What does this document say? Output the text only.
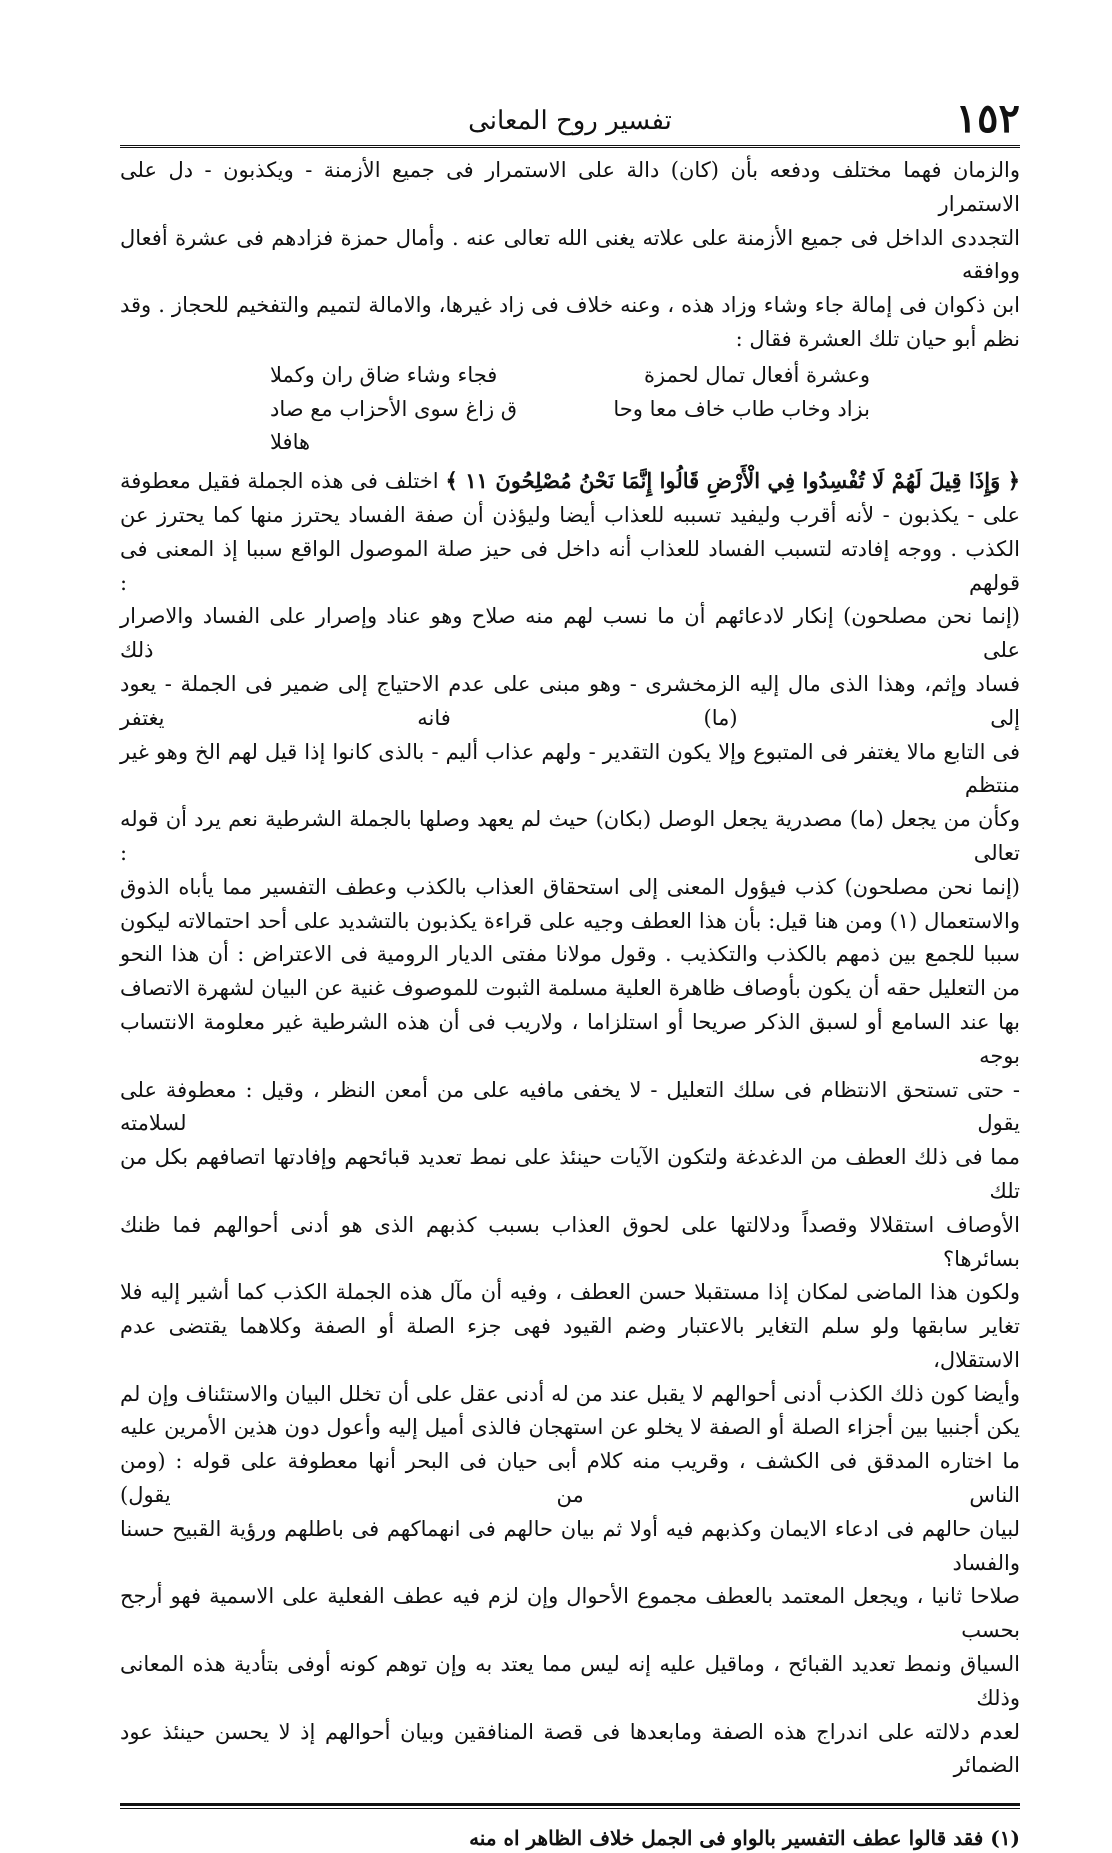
١٥٢
تفسير روح المعانى

والزمان فهما مختلف ودفعه بأن (كان) دالة على الاستمرار فى جميع الأزمنة - ويكذبون - دل على الاستمرار

التجددى الداخل فى جميع الأزمنة على علاته يغنى الله تعالى عنه . وأمال حمزة فزادهم فى عشرة أفعال ووافقه

ابن ذكوان فى إمالة جاء وشاء وزاد هذه ، وعنه خلاف فى زاد غيرها، والامالة لتميم والتفخيم للحجاز . وقد

نظم أبو حيان تلك العشرة فقال :

وعشرة أفعال تمال لحمزة
فجاء وشاء ضاق ران وكملا
بزاد وخاب طاب خاف معا وحا
ق زاغ سوى الأحزاب مع صاد هافلا

﴿ وَإِذَا قِيلَ لَهُمْ لَا تُفْسِدُوا فِي الْأَرْضِ قَالُوا إِنَّمَا نَحْنُ مُصْلِحُونَ ١١ ﴾ اختلف فى هذه الجملة فقيل معطوفة

على - يكذبون - لأنه أقرب وليفيد تسببه للعذاب أيضا وليؤذن أن صفة الفساد يحترز منها كما يحترز عن

الكذب . ووجه إفادته لتسبب الفساد للعذاب أنه داخل فى حيز صلة الموصول الواقع سببا إذ المعنى فى قولهم :

(إنما نحن مصلحون) إنكار لادعائهم أن ما نسب لهم منه صلاح وهو عناد وإصرار على الفساد والاصرار على ذلك

فساد وإثم، وهذا الذى مال إليه الزمخشرى - وهو مبنى على عدم الاحتياج إلى ضمير فى الجملة - يعود إلى (ما) فانه يغتفر

فى التابع مالا يغتفر فى المتبوع وإلا يكون التقدير - ولهم عذاب أليم - بالذى كانوا إذا قيل لهم الخ وهو غير منتظم

وكأن من يجعل (ما) مصدرية يجعل الوصل (بكان) حيث لم يعهد وصلها بالجملة الشرطية نعم يرد أن قوله تعالى :

(إنما نحن مصلحون) كذب فيؤول المعنى إلى استحقاق العذاب بالكذب وعطف التفسير مما يأباه الذوق

والاستعمال (١) ومن هنا قيل: بأن هذا العطف وجيه على قراءة يكذبون بالتشديد على أحد احتمالاته ليكون

سببا للجمع بين ذمهم بالكذب والتكذيب . وقول مولانا مفتى الديار الرومية فى الاعتراض : أن هذا النحو

من التعليل حقه أن يكون بأوصاف ظاهرة العلية مسلمة الثبوت للموصوف غنية عن البيان لشهرة الاتصاف

بها عند السامع أو لسبق الذكر صريحا أو استلزاما ، ولاريب فى أن هذه الشرطية غير معلومة الانتساب بوجه

- حتى تستحق الانتظام فى سلك التعليل - لا يخفى مافيه على من أمعن النظر ، وقيل : معطوفة على يقول لسلامته

مما فى ذلك العطف من الدغدغة ولتكون الآيات حينئذ على نمط تعديد قبائحهم وإفادتها اتصافهم بكل من تلك

الأوصاف استقلالا وقصداً ودلالتها على لحوق العذاب بسبب كذبهم الذى هو أدنى أحوالهم فما ظنك بسائرها؟

ولكون هذا الماضى لمكان إذا مستقبلا حسن العطف ، وفيه أن مآل هذه الجملة الكذب كما أشير إليه فلا

تغاير سابقها ولو سلم التغاير بالاعتبار وضم القيود فهى جزء الصلة أو الصفة وكلاهما يقتضى عدم الاستقلال،

وأيضا كون ذلك الكذب أدنى أحوالهم لا يقبل عند من له أدنى عقل على أن تخلل البيان والاستئناف وإن لم

يكن أجنبيا بين أجزاء الصلة أو الصفة لا يخلو عن استهجان فالذى أميل إليه وأعول دون هذين الأمرين عليه

ما اختاره المدقق فى الكشف ، وقريب منه كلام أبى حيان فى البحر أنها معطوفة على قوله : (ومن الناس من يقول)

لبيان حالهم فى ادعاء الايمان وكذبهم فيه أولا ثم بيان حالهم فى انهماكهم فى باطلهم ورؤية القبيح حسنا والفساد

صلاحا ثانيا ، ويجعل المعتمد بالعطف مجموع الأحوال وإن لزم فيه عطف الفعلية على الاسمية فهو أرجح بحسب

السياق ونمط تعديد القبائح ، وماقيل عليه إنه ليس مما يعتد به وإن توهم كونه أوفى بتأدية هذه المعانى وذلك

لعدم دلالته على اندراج هذه الصفة ومابعدها فى قصة المنافقين وبيان أحوالهم إذ لا يحسن حينئذ عود الضمائر

(١) فقد قالوا عطف التفسير بالواو فى الجمل خلاف الظاهر اه منه
